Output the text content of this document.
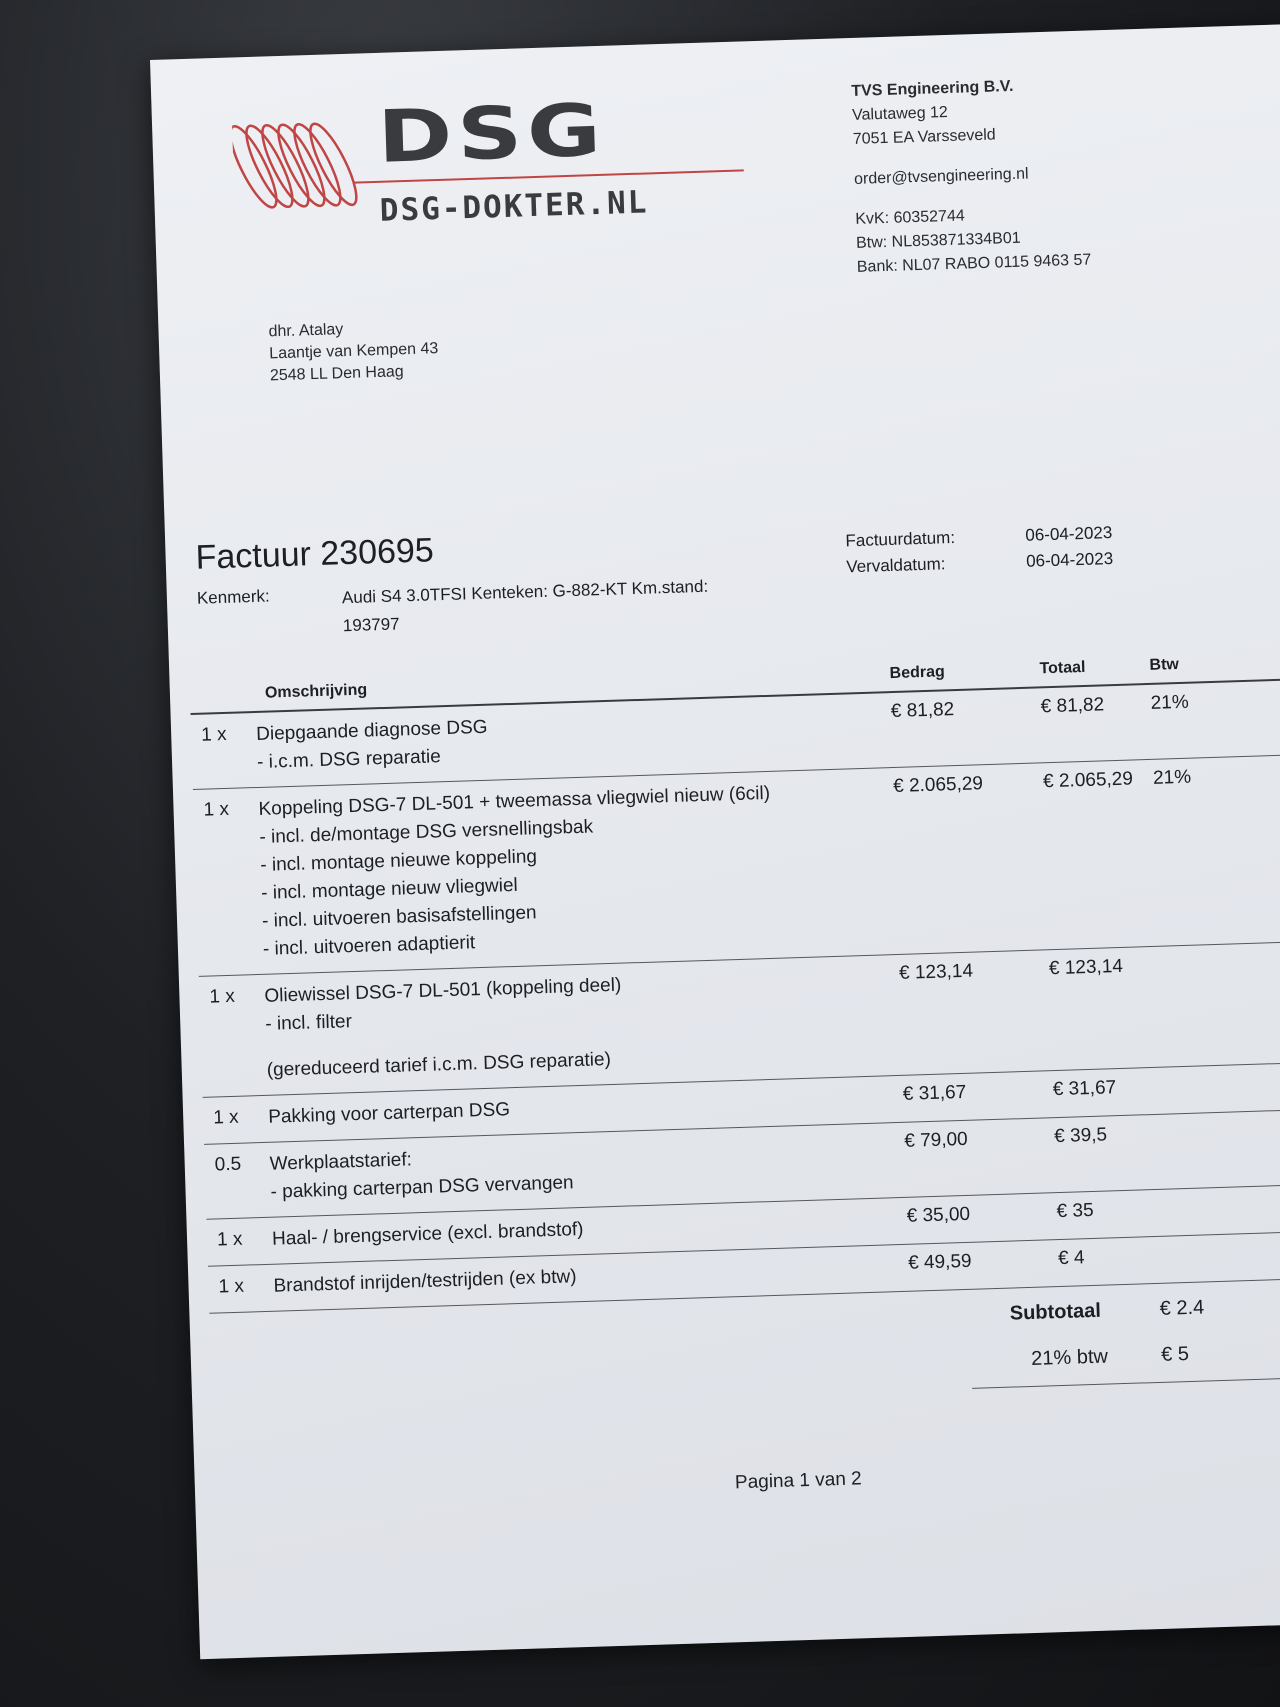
DSG
DSG-DOKTER.NL
TVS Engineering B.V.
Valutaweg 12
7051 EA Varsseveld
order@tvsengineering.nl
KvK: 60352744
Btw: NL853871334B01
Bank: NL07 RABO 0115 9463 57
dhr. Atalay
Laantje van Kempen 43
2548 LL Den Haag
Factuur 230695
Kenmerk:	Audi S4 3.0TFSI Kenteken: G-882-KT Km.stand:
193797
Factuurdatum:	06-04-2023
Vervaldatum:	06-04-2023
Omschrijving
Bedrag	Totaal	Btw
1 x Diepgaande diagnose DSG
- i.c.m. DSG reparatie
€ 81,82	€ 81,82 21%
1 x Koppeling DSG-7 DL-501 + tweemassa vliegwiel nieuw (6cil)
- incl. de/montage DSG versnellingsbak
- incl. montage nieuwe koppeling
- incl. montage nieuw vliegwiel
- incl. uitvoeren basisafstellingen
- incl. uitvoeren adaptierit
€ 2.065,29	€ 2.065,29 21%
1 x Oliewissel DSG-7 DL-501 (koppeling deel)
- incl. filter
(gereduceerd tarief i.c.m. DSG reparatie)
€ 123,14	€ 123,14
1 x Pakking voor carterpan DSG
€ 31,67	€ 31,67
0.5 Werkplaatstarief:
- pakking carterpan DSG vervangen
€ 79,00	€ 39,5
1 x Haal- / brengservice (excl. brandstof)
€ 35,00	€ 35
1 x Brandstof inrijden/testrijden (ex btw)
€ 49,59	€ 4
Subtotaal	€ 2.4
21% btw	€ 5
Pagina 1 van 2
